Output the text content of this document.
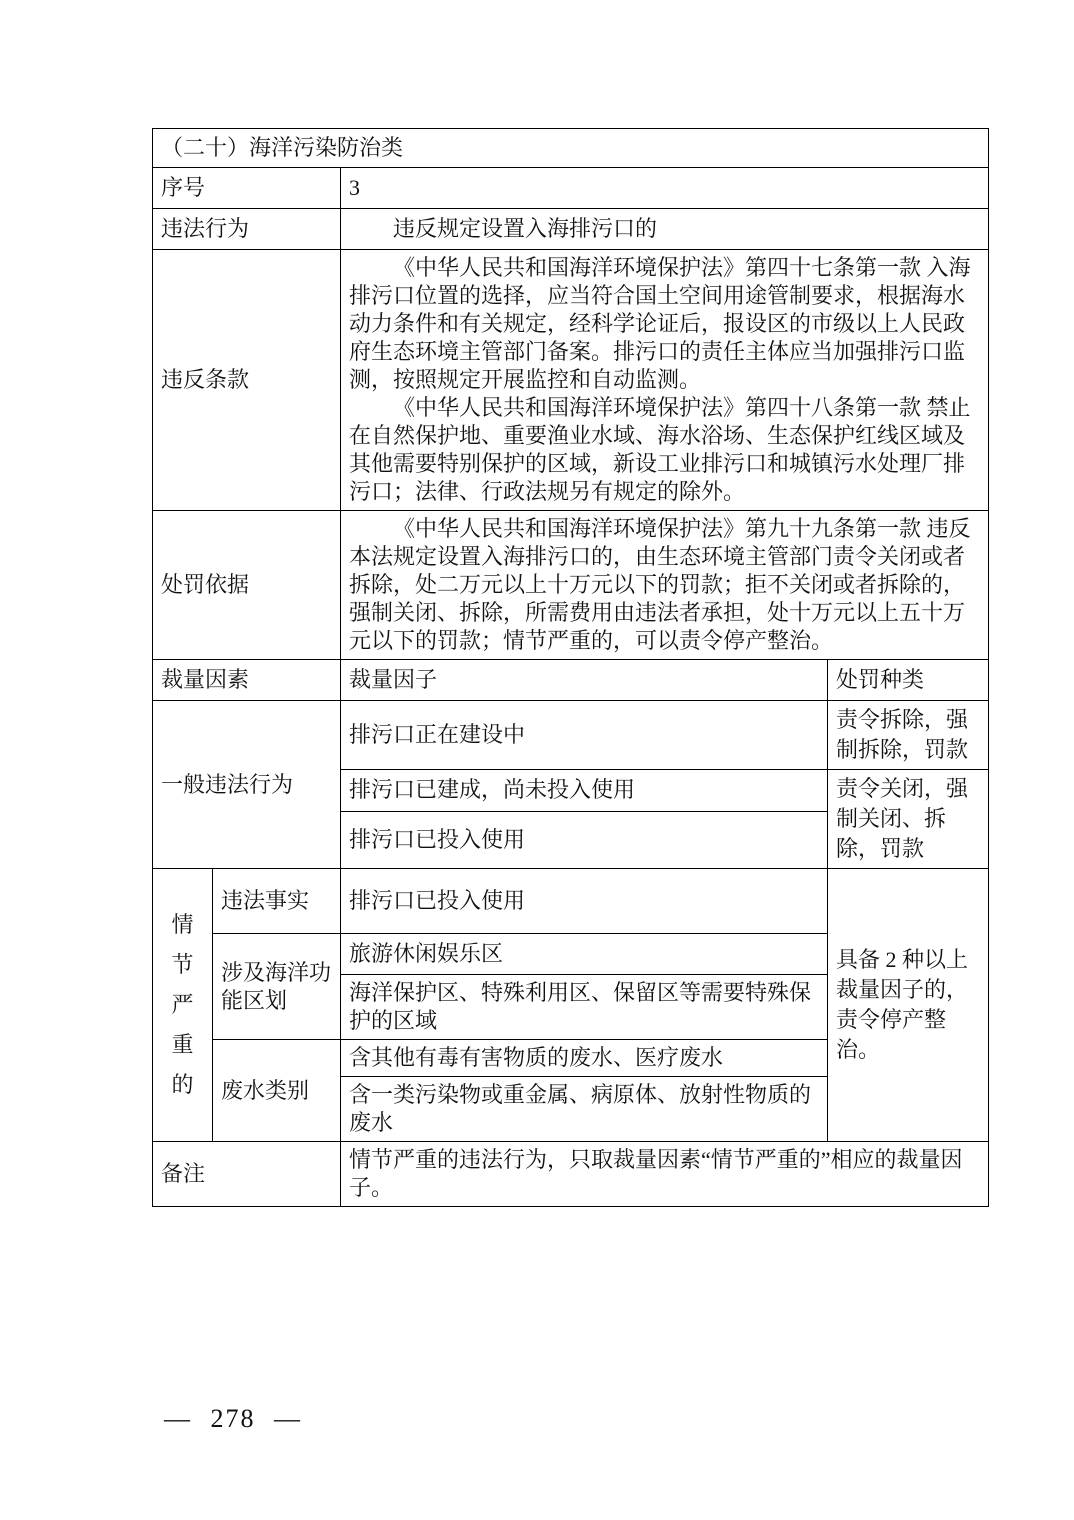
（二十）海洋污染防治类			
序号		3	
违法行为		违反规定设置入海排污口的	
违反条款		《中华人民共和国海洋环境保护法》第四十七条第一款 入海排污口位置的选择，应当符合国土空间用途管制要求，根据海水动力条件和有关规定，经科学论证后，报设区的市级以上人民政府生态环境主管部门备案。排污口的责任主体应当加强排污口监测，按照规定开展监控和自动监测。

《中华人民共和国海洋环境保护法》第四十八条第一款 禁止在自然保护地、重要渔业水域、海水浴场、生态保护红线区域及其他需要特别保护的区域，新设工业排污口和城镇污水处理厂排污口；法律、行政法规另有规定的除外。	

处罚依据		《中华人民共和国海洋环境保护法》第九十九条第一款 违反本法规定设置入海排污口的，由生态环境主管部门责令关闭或者拆除，处二万元以上十万元以下的罚款；拒不关闭或者拆除的，强制关闭、拆除，所需费用由违法者承担，处十万元以上五十万元以下的罚款；情节严重的，可以责令停产整治。	

裁量因素		裁量因子	处罚种类
一般违法行为		排污口正在建设中	责令拆除，强制拆除，罚款
		排污口已建成，尚未投入使用	责令关闭，强制关闭、拆除，罚款
		排污口已投入使用	

情节严重的	违法事实	排污口已投入使用	具备 2 种以上裁量因子的，责令停产整治。
	涉及海洋功能区划	旅游休闲娱乐区	
		海洋保护区、特殊利用区、保留区等需要特殊保护的区域	
	废水类别	含其他有毒有害物质的废水、医疗废水	
		含一类污染物或重金属、病原体、放射性物质的废水	
备注		情节严重的违法行为，只取裁量因素“情节严重的”相应的裁量因子。	
— 278 —
